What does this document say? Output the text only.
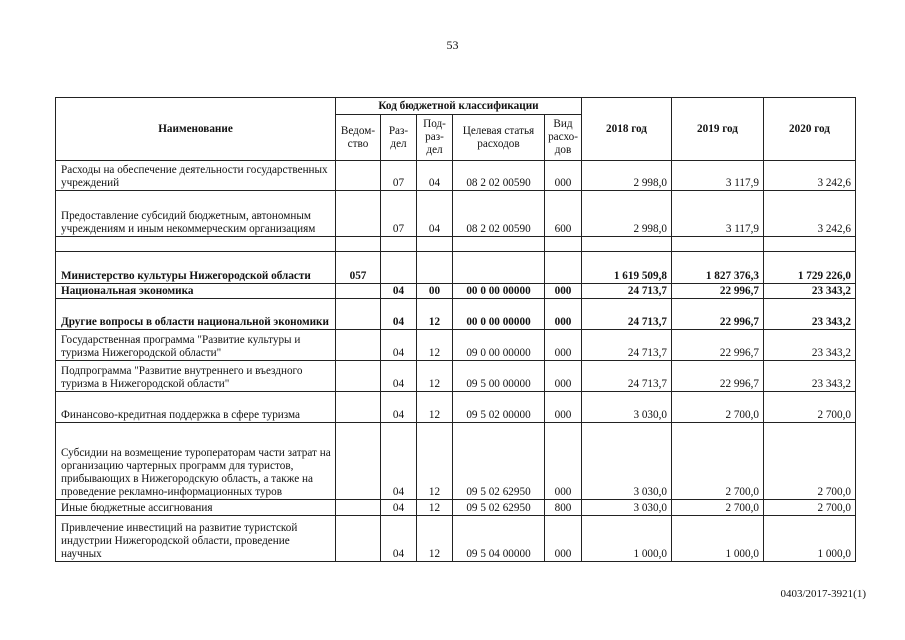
53
Наименование	Код бюджетной классификации					2018 год	2019 год	2020 год
	Ведом-ство	Раз-дел	Под-раз-дел	Целевая статья расходов	Вид расхо-дов			
Расходы на обеспечение деятельности государственных учреждений		07	04	08 2 02 00590	000	2 998,0	3 117,9	3 242,6
Предоставление субсидий бюджетным, автономным учреждениям и иным некоммерческим организациям		07	04	08 2 02 00590	600	2 998,0	3 117,9	3 242,6

Министерство культуры Нижегородской области	057					1 619 509,8	1 827 376,3	1 729 226,0
Национальная экономика		04	00	00 0 00 00000	000	24 713,7	22 996,7	23 343,2
Другие вопросы в области национальной экономики		04	12	00 0 00 00000	000	24 713,7	22 996,7	23 343,2
Государственная программа "Развитие культуры и туризма Нижегородской области"		04	12	09 0 00 00000	000	24 713,7	22 996,7	23 343,2
Подпрограмма "Развитие внутреннего и въездного туризма в Нижегородской области"		04	12	09 5 00 00000	000	24 713,7	22 996,7	23 343,2
Финансово-кредитная поддержка в сфере туризма		04	12	09 5 02 00000	000	3 030,0	2 700,0	2 700,0
Субсидии на возмещение туроператорам части затрат на организацию чартерных программ для туристов, прибывающих в Нижегородскую область, а также на проведение рекламно-информационных туров		04	12	09 5 02 62950	000	3 030,0	2 700,0	2 700,0
Иные бюджетные ассигнования		04	12	09 5 02 62950	800	3 030,0	2 700,0	2 700,0
Привлечение инвестиций на развитие туристской индустрии Нижегородской области, проведение научных		04	12	09 5 04 00000	000	1 000,0	1 000,0	1 000,0
0403/2017-3921(1)
